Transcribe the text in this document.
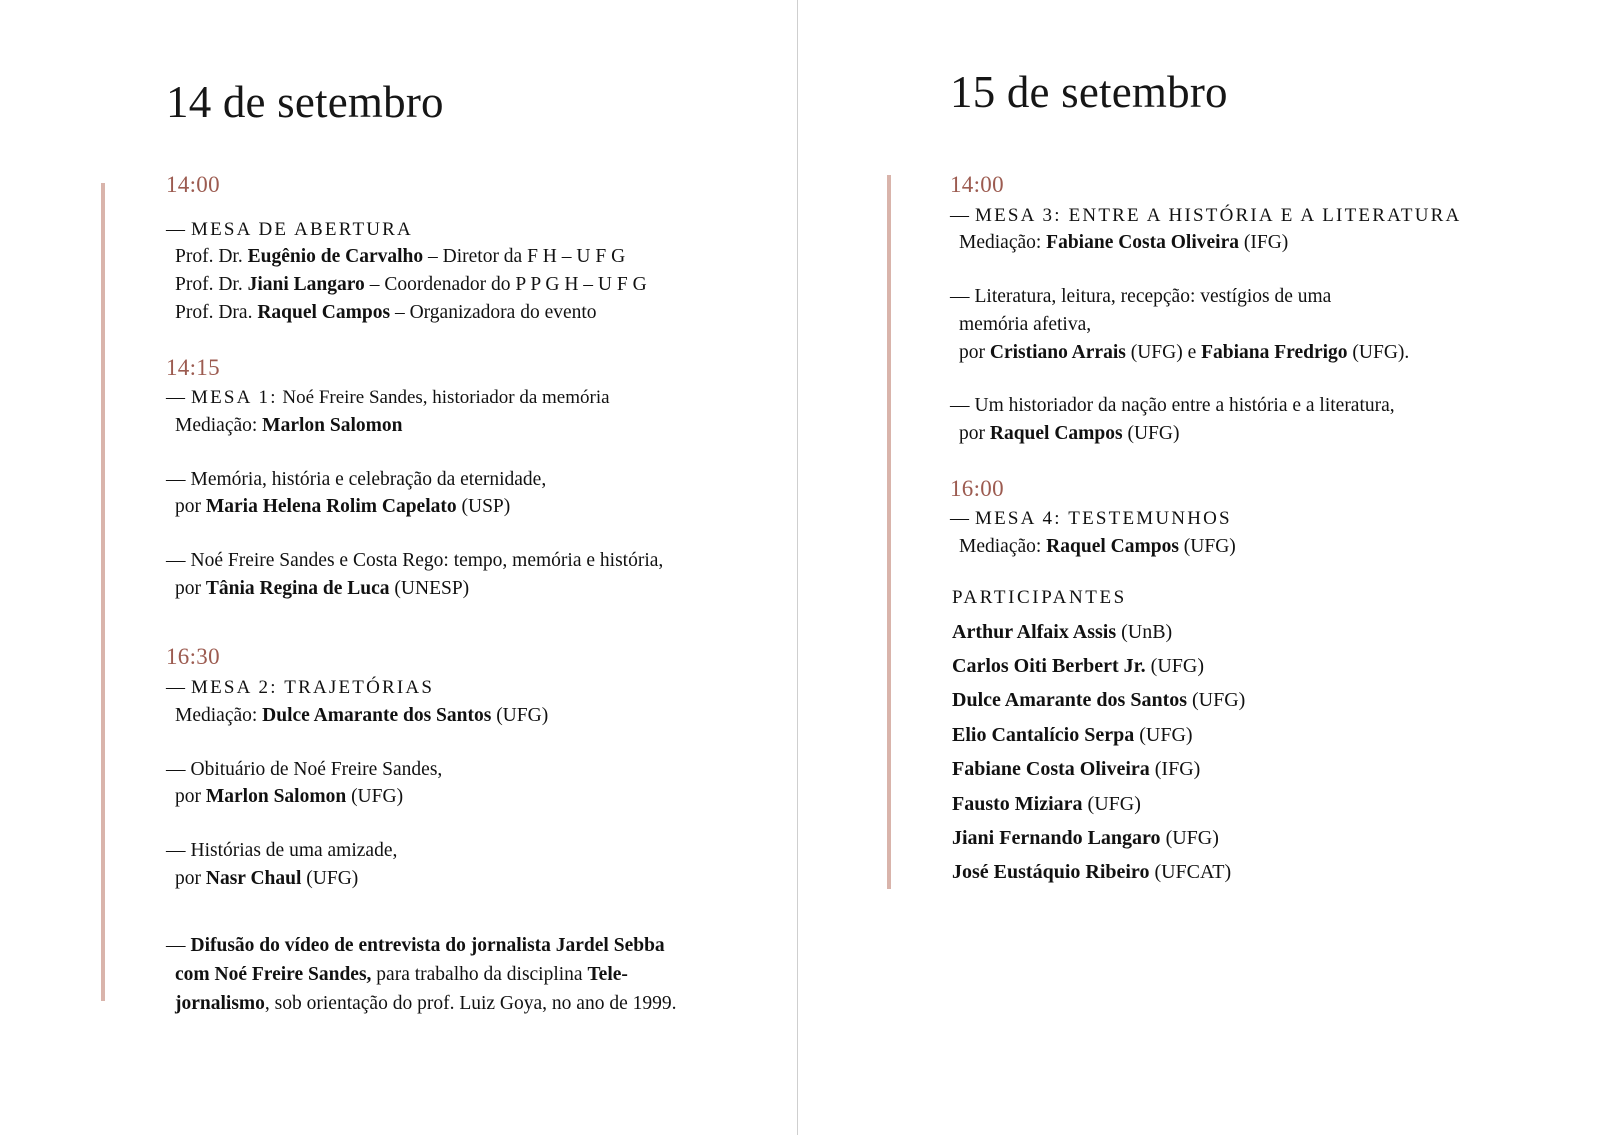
14 de setembro

14:00

— MESA DE ABERTURA

Prof. Dr. Eugênio de Carvalho – Diretor da F H – U F G

Prof. Dr. Jiani Langaro – Coordenador do P P G H – U F G

Prof. Dra. Raquel Campos – Organizadora do evento

14:15

— MESA 1: Noé Freire Sandes, historiador da memória

Mediação: Marlon Salomon

— Memória, história e celebração da eternidade,

por Maria Helena Rolim Capelato (USP)

— Noé Freire Sandes e Costa Rego: tempo, memória e história,

por Tânia Regina de Luca (UNESP)

16:30

— MESA 2: TRAJETÓRIAS

Mediação: Dulce Amarante dos Santos (UFG)

— Obituário de Noé Freire Sandes,

por Marlon Salomon (UFG)

— Histórias de uma amizade,

por Nasr Chaul (UFG)

— Difusão do vídeo de entrevista do jornalista Jardel Sebba

com Noé Freire Sandes, para trabalho da disciplina Tele-

jornalismo, sob orientação do prof. Luiz Goya, no ano de 1999.

15 de setembro

14:00

— MESA 3: ENTRE A HISTÓRIA E A LITERATURA

Mediação: Fabiane Costa Oliveira (IFG)

— Literatura, leitura, recepção: vestígios de uma

memória afetiva,

por Cristiano Arrais (UFG) e Fabiana Fredrigo (UFG).

— Um historiador da nação entre a história e a literatura,

por Raquel Campos (UFG)

16:00

— MESA 4: TESTEMUNHOS

Mediação: Raquel Campos (UFG)

PARTICIPANTES

Arthur Alfaix Assis (UnB)

Carlos Oiti Berbert Jr. (UFG)

Dulce Amarante dos Santos (UFG)

Elio Cantalício Serpa (UFG)

Fabiane Costa Oliveira (IFG)

Fausto Miziara (UFG)

Jiani Fernando Langaro (UFG)

José Eustáquio Ribeiro (UFCAT)
